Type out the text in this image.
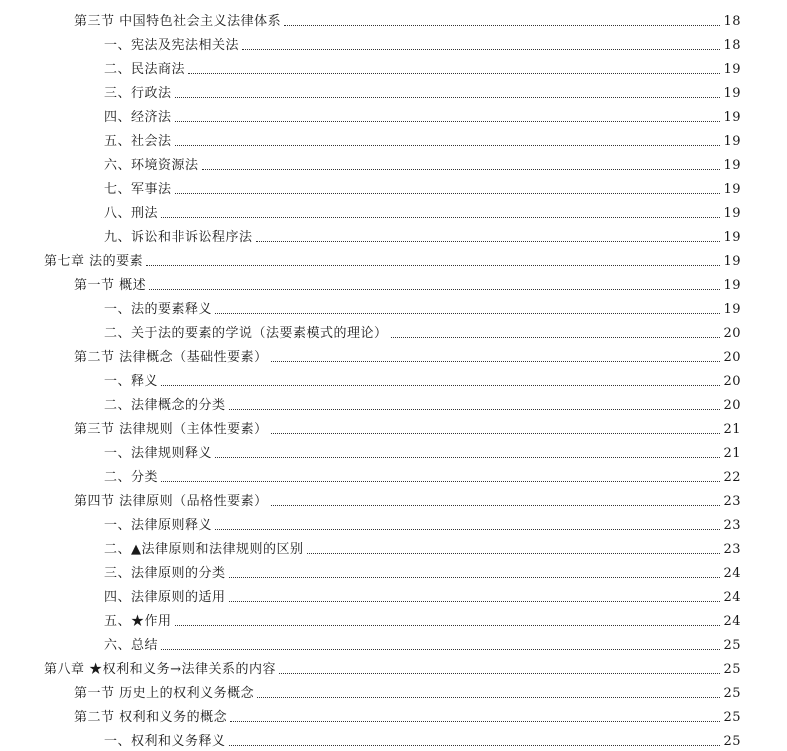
第三节 中国特色社会主义法律体系	18
一、宪法及宪法相关法	18
二、民法商法	19
三、行政法	19
四、经济法	19
五、社会法	19
六、环境资源法	19
七、军事法	19
八、刑法	19
九、诉讼和非诉讼程序法	19
第七章 法的要素	19
第一节 概述	19
一、法的要素释义	19
二、关于法的要素的学说（法要素模式的理论）	20
第二节 法律概念（基础性要素）	20
一、释义	20
二、法律概念的分类	20
第三节 法律规则（主体性要素）	21
一、法律规则释义	21
二、分类	22
第四节 法律原则（品格性要素）	23
一、法律原则释义	23
二、▲法律原则和法律规则的区别	23
三、法律原则的分类	24
四、法律原则的适用	24
五、★作用	24
六、总结	25
第八章 ★权利和义务→法律关系的内容	25
第一节 历史上的权利义务概念	25
第二节 权利和义务的概念	25
一、权利和义务释义	25
